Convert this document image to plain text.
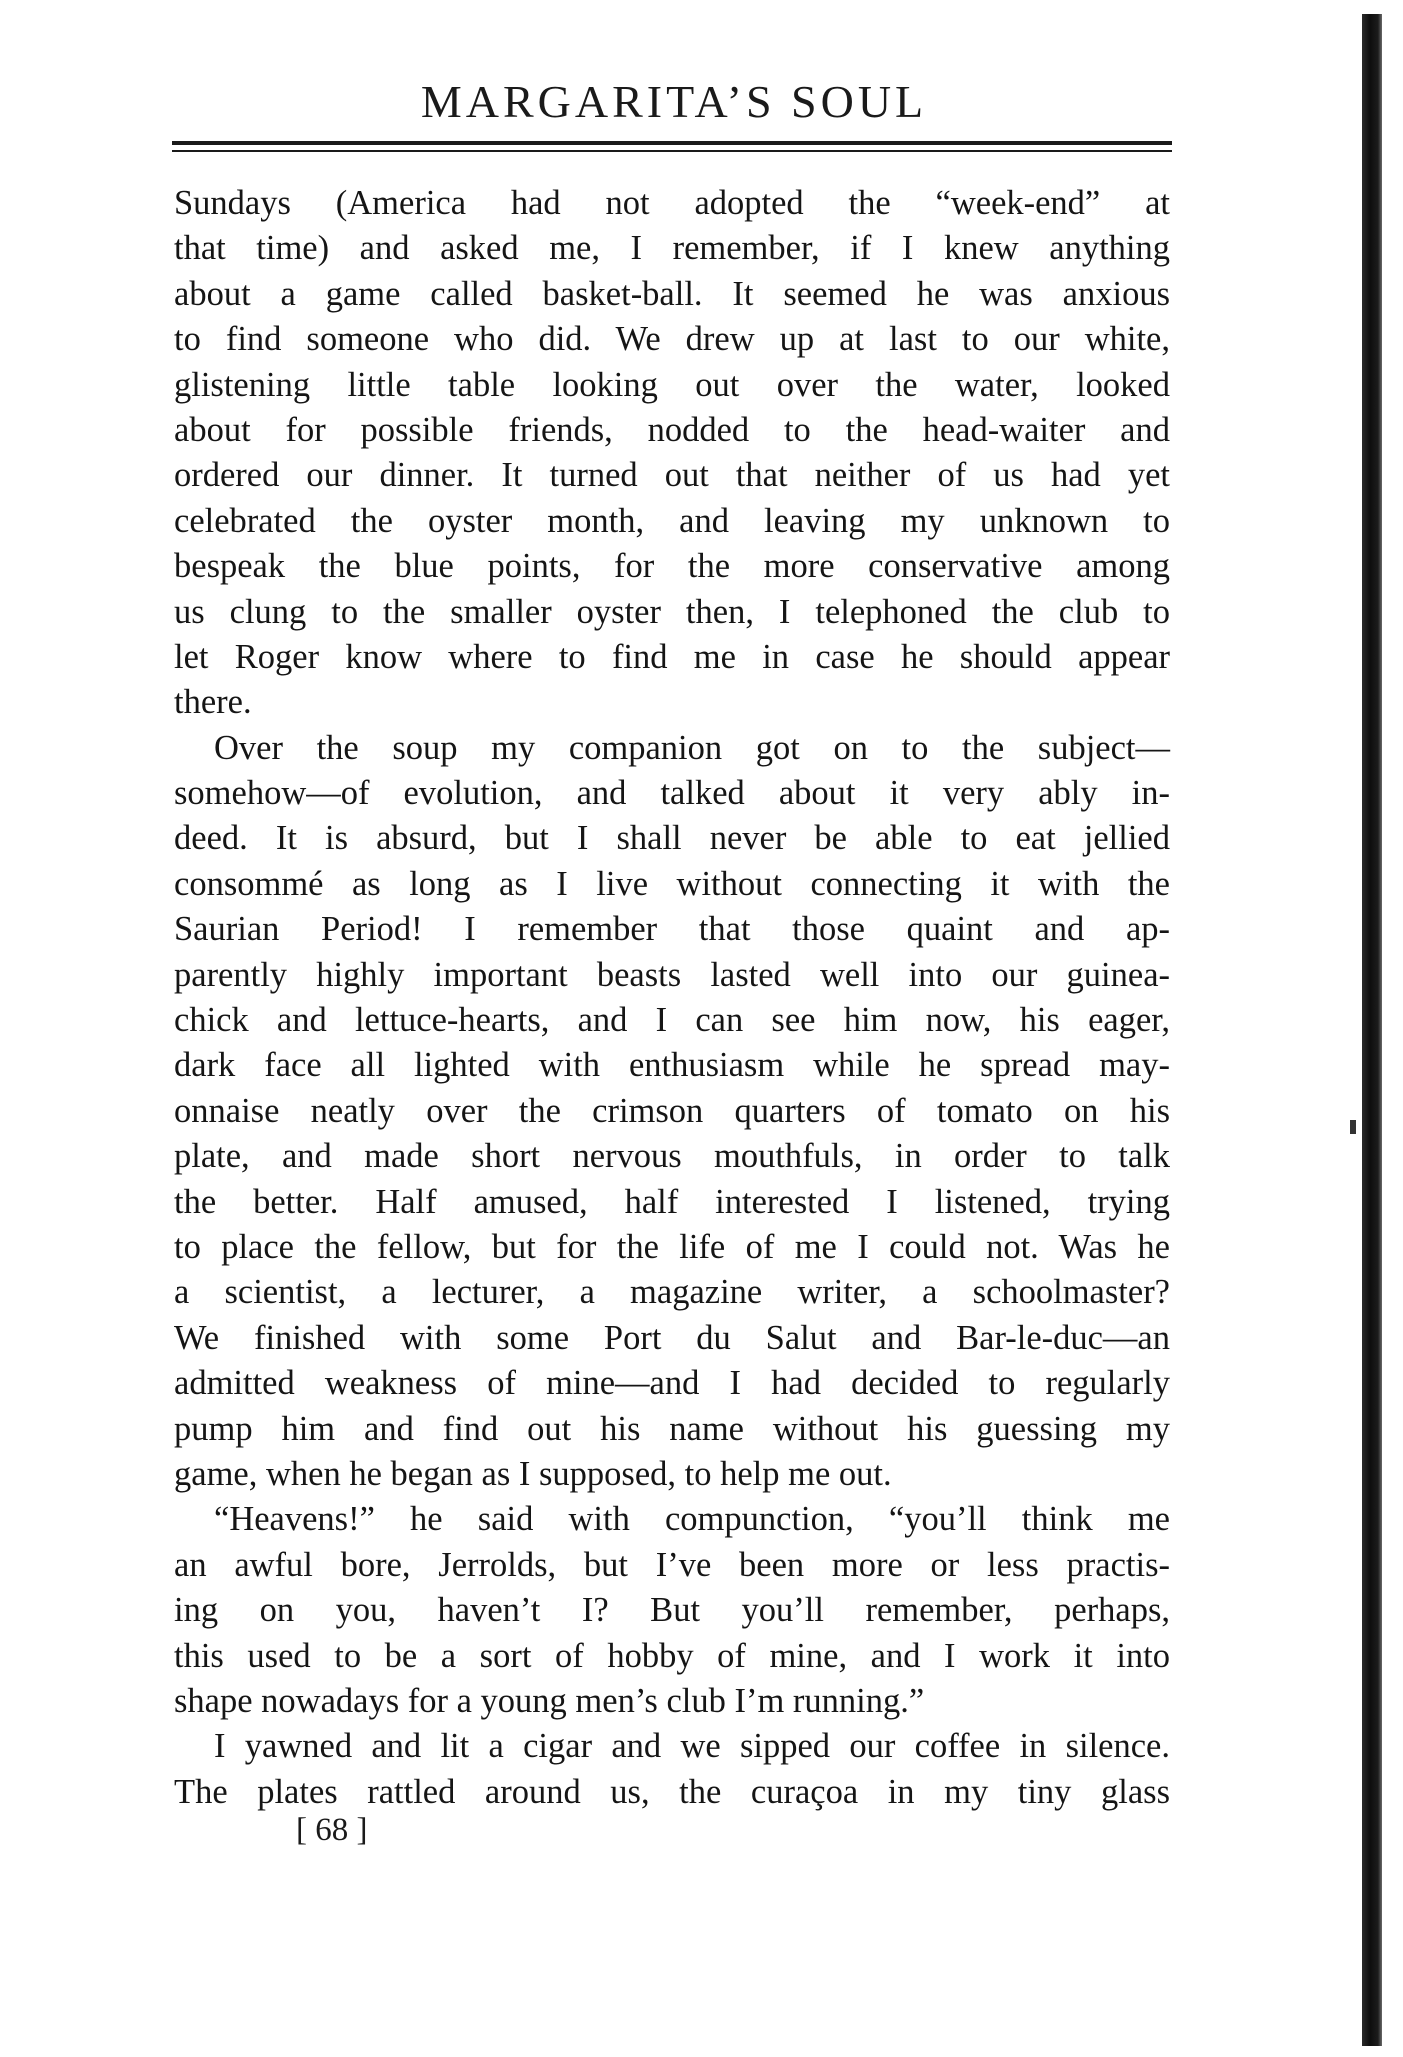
MARGARITA’S SOUL

Sundays (America had not adopted the “week-end” at
that time) and asked me, I remember, if I knew anything
about a game called basket-ball. It seemed he was anxious
to find someone who did. We drew up at last to our white,
glistening little table looking out over the water, looked
about for possible friends, nodded to the head-waiter and
ordered our dinner. It turned out that neither of us had yet
celebrated the oyster month, and leaving my unknown to
bespeak the blue points, for the more conservative among
us clung to the smaller oyster then, I telephoned the club to
let Roger know where to find me in case he should appear
there.

Over the soup my companion got on to the subject—
somehow—of evolution, and talked about it very ably in-
deed. It is absurd, but I shall never be able to eat jellied
consommé as long as I live without connecting it with the
Saurian Period! I remember that those quaint and ap-
parently highly important beasts lasted well into our guinea-
chick and lettuce-hearts, and I can see him now, his eager,
dark face all lighted with enthusiasm while he spread may-
onnaise neatly over the crimson quarters of tomato on his
plate, and made short nervous mouthfuls, in order to talk
the better. Half amused, half interested I listened, trying
to place the fellow, but for the life of me I could not. Was he
a scientist, a lecturer, a magazine writer, a schoolmaster?
We finished with some Port du Salut and Bar-le-duc—an
admitted weakness of mine—and I had decided to regularly
pump him and find out his name without his guessing my
game, when he began as I supposed, to help me out.

“Heavens!” he said with compunction, “you’ll think me
an awful bore, Jerrolds, but I’ve been more or less practis-
ing on you, haven’t I? But you’ll remember, perhaps,
this used to be a sort of hobby of mine, and I work it into
shape nowadays for a young men’s club I’m running.”

I yawned and lit a cigar and we sipped our coffee in silence.
The plates rattled around us, the curaçoa in my tiny glass

[ 68 ]
